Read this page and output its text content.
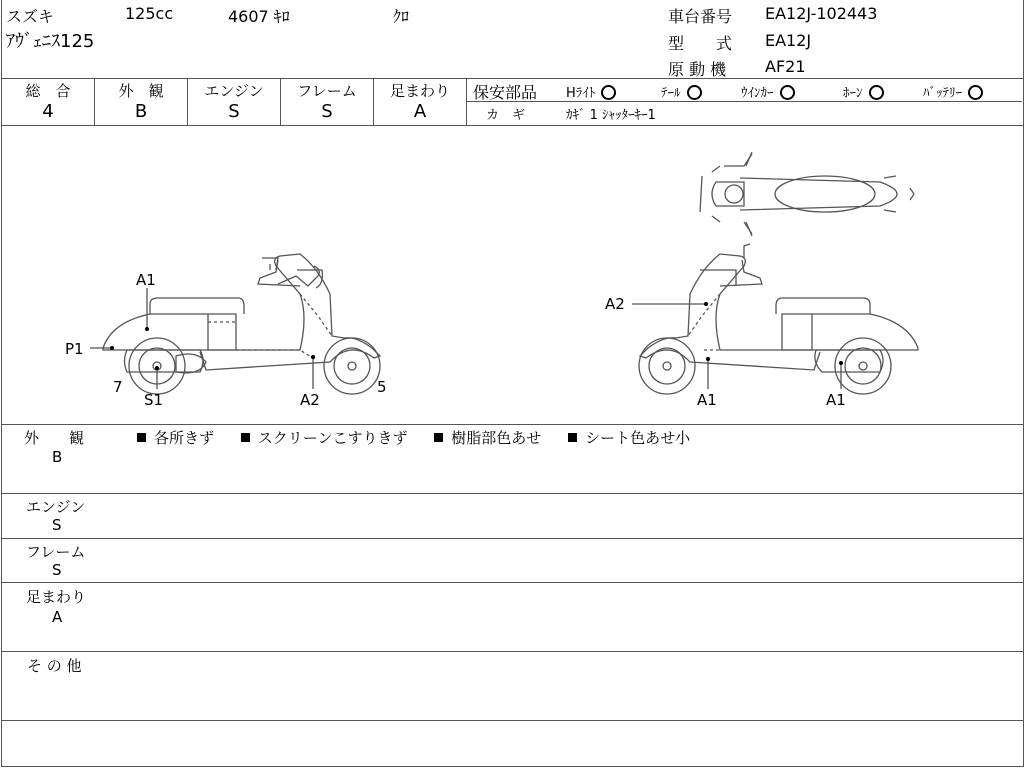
スズキ	125cc	4607 ｷﾛ	ｸﾛ
ｱｳﾞｪﾆｽ125
車台番号 EA12J-102443
型　　式 EA12J
原 動 機 AF21
総　合
4
外　観
B
エンジン
S
フレーム
S
足まわり
A
保安部品 Hﾗｲﾄ	ﾃｰﾙ	ｳｲﾝｶｰ	ﾎｰﾝ	ﾊﾞｯﾃﾘｰ
カ　ギ	ｶｷﾞ 1 ｼｬｯﾀｰｷｰ1
A1
P1
7
S1	A2
5
A2
A1	A1
外　　観
B
各所きず	スクリーンこすりきず	樹脂部色あせ	シート色あせ小
エンジン
S
フレーム
S
足まわり
A
そ の 他
